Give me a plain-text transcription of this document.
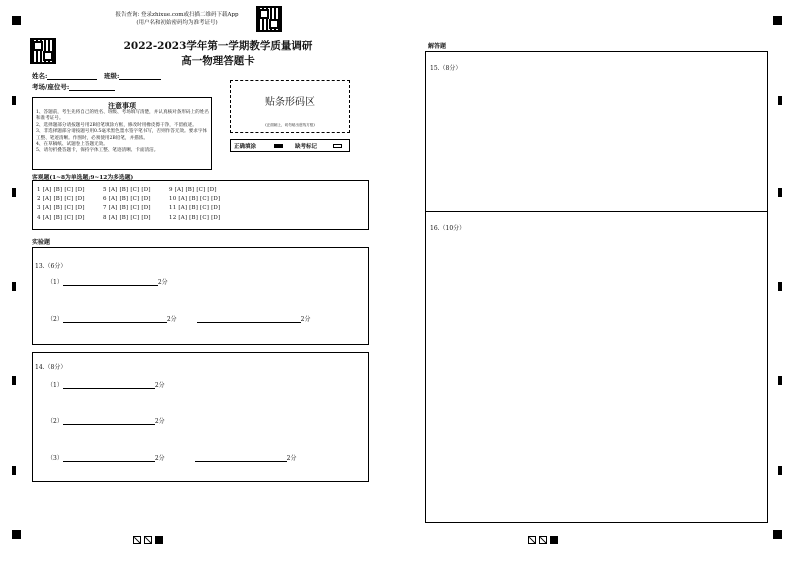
报告查询: 登录zhixue.com或扫描二维码下载App
(用户名和初始密码均为准考证号)
2022-2023学年第一学期教学质量调研
高一物理答题卡
姓名:	班级:
考场/座位号:
注意事项
1、答题前，考生先将自己的姓名、班级、考场填写清楚，并认真核对条形码上的姓名和准考证号。
2、选择题部分请按题号用2B铅笔填涂方框，修改时用橡皮擦干净，不留痕迹。
3、非选择题部分请按题号用0.5毫米黑色墨水签字笔书写，否则作答无效。要求字体工整、笔迹清晰。作图时，必须使用2B铅笔，并描浓。
4、在草稿纸、试题卷上答题无效。
5、请勿折叠答题卡，保持字体工整、笔迹清晰、卡面清洁。
贴条形码区
(正面朝上，切勿贴出虚线方框)
正确填涂	缺考标记
客观题(1~8为单选题;9~12为多选题)
1 [A] [B] [C] [D]	5 [A] [B] [C] [D]	9 [A] [B] [C] [D]
2 [A] [B] [C] [D]	6 [A] [B] [C] [D]	10 [A] [B] [C] [D]
3 [A] [B] [C] [D]	7 [A] [B] [C] [D]	11 [A] [B] [C] [D]
4 [A] [B] [C] [D]	8 [A] [B] [C] [D]	12 [A] [B] [C] [D]
实验题
13.（6分）
（1）	2分
（2）	2分	2分
14.（8分）
（1）	2分
（2）	2分
（3）	2分	2分
解答题
15.（8分）
16.（10分）
